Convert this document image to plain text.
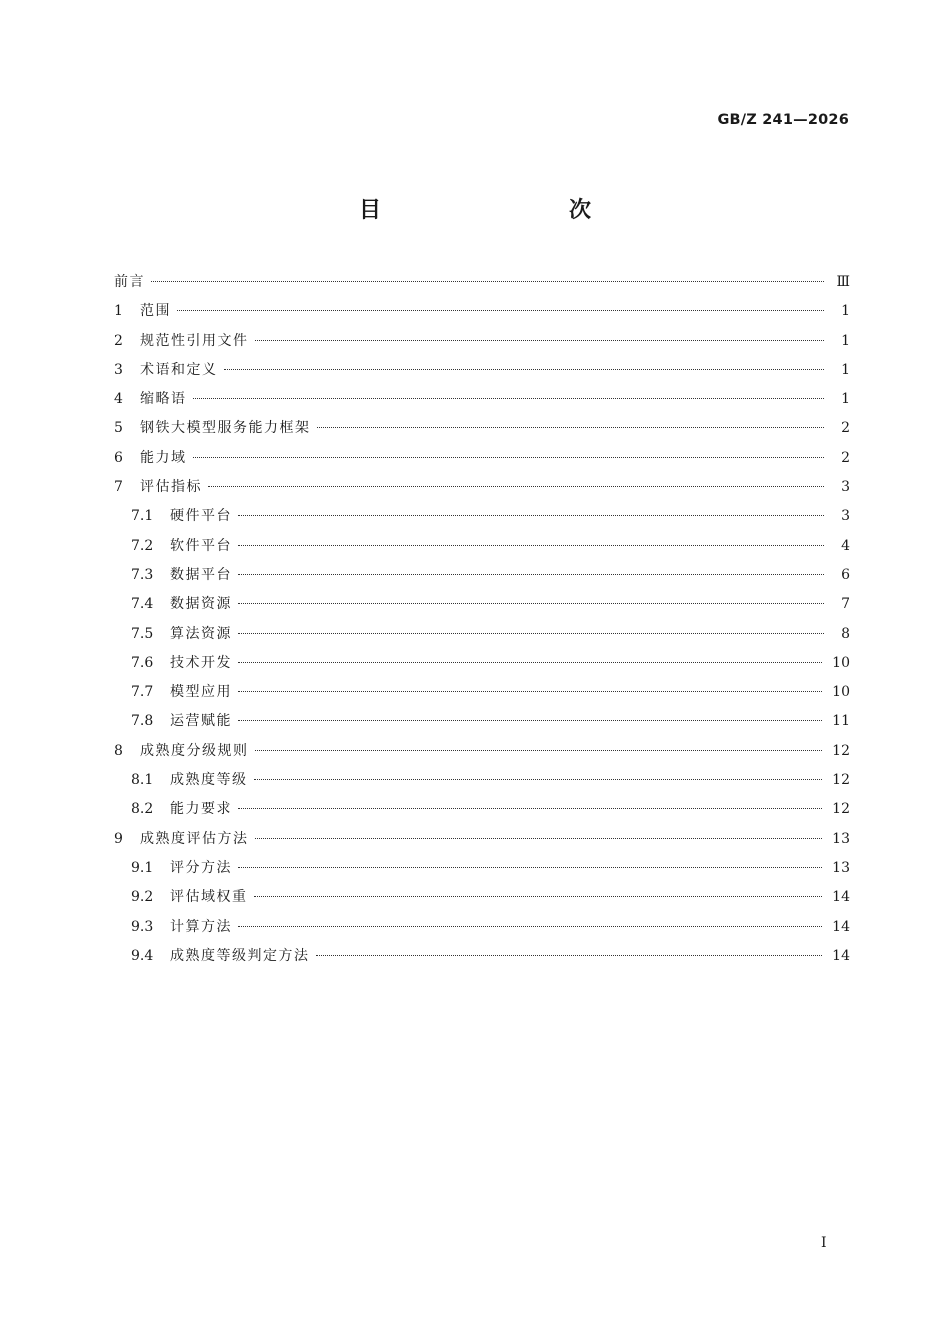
GB/Z 241—2026
目　　次
前言	Ⅲ
1	范围	1
2	规范性引用文件	1
3	术语和定义	1
4	缩略语	1
5	钢铁大模型服务能力框架	2
6	能力域	2
7	评估指标	3
7.1	硬件平台	3
7.2	软件平台	4
7.3	数据平台	6
7.4	数据资源	7
7.5	算法资源	8
7.6	技术开发	10
7.7	模型应用	10
7.8	运营赋能	11
8	成熟度分级规则	12
8.1	成熟度等级	12
8.2	能力要求	12
9	成熟度评估方法	13
9.1	评分方法	13
9.2	评估域权重	14
9.3	计算方法	14
9.4	成熟度等级判定方法	14
I
